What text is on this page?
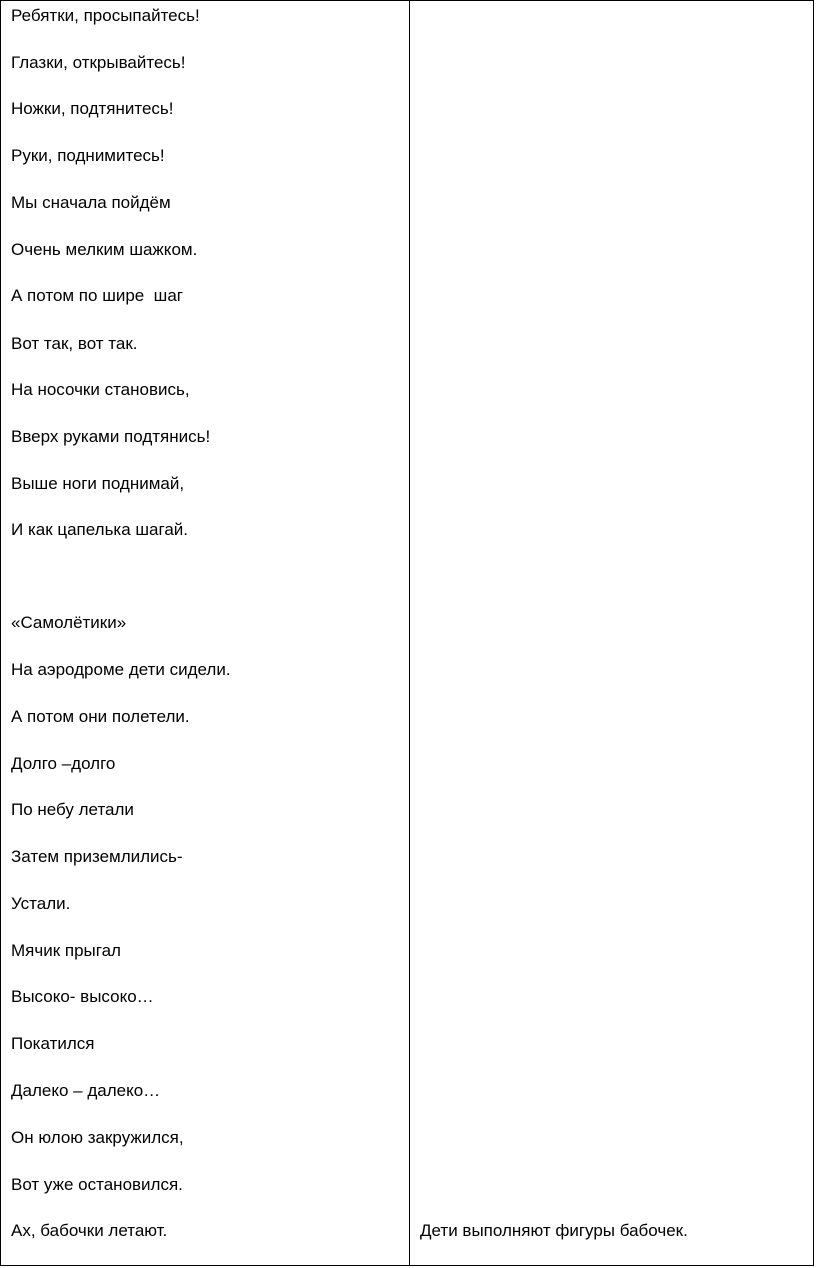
Ребятки, просыпайтесь!
Глазки, открывайтесь!
Ножки, подтянитесь!
Руки, поднимитесь!
Мы сначала пойдём
Очень мелким шажком.
А потом по шире  шаг
Вот так, вот так.
На носочки становись,
Вверх руками подтянись!
Выше ноги поднимай,
И как цапелька шагай.
«Самолётики»
На аэродроме дети сидели.
А потом они полетели.
Долго –долго
По небу летали
Затем приземлились-
Устали.
Мячик прыгал
Высоко- высоко…
Покатился
Далеко – далеко…
Он юлою закружился,
Вот уже остановился.
Ах, бабочки летают.	Дети выполняют фигуры бабочек.
